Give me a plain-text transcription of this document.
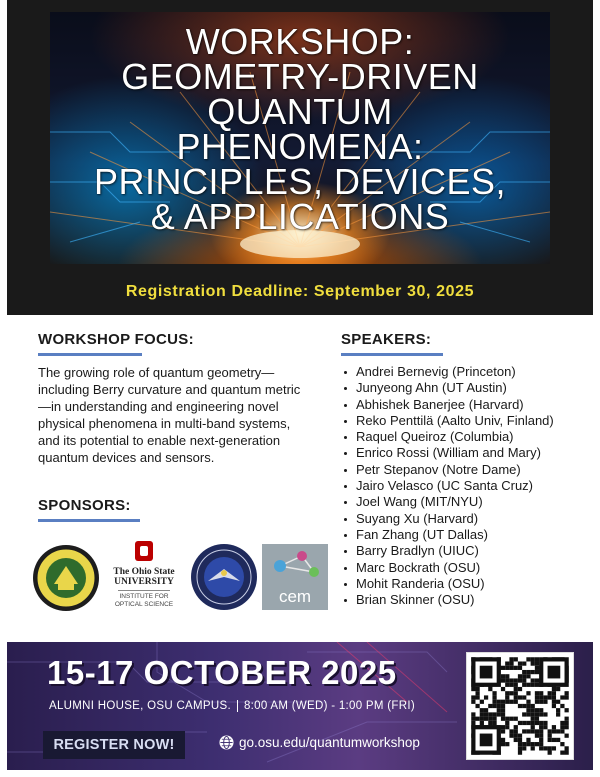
WORKSHOP:
GEOMETRY-DRIVEN
QUANTUM
PHENOMENA:
PRINCIPLES, DEVICES,
& APPLICATIONS
Registration Deadline: September 30, 2025
WORKSHOP FOCUS:
The growing role of quantum geometry—including Berry curvature and quantum metric—in understanding and engineering novel physical phenomena in multi-band systems, and its potential to enable next-generation quantum devices and sensors.
SPEAKERS:
Andrei Bernevig (Princeton)
Junyeong Ahn (UT Austin)
Abhishek Banerjee (Harvard)
Reko Penttilä (Aalto Univ, Finland)
Raquel Queiroz (Columbia)
Enrico Rossi (William and Mary)
Petr Stepanov (Notre Dame)
Jairo Velasco (UC Santa Cruz)
Joel Wang (MIT/NYU)
Suyang Xu (Harvard)
Fan Zhang (UT Dallas)
Barry Bradlyn (UIUC)
Marc Bockrath (OSU)
Mohit Randeria (OSU)
Brian Skinner (OSU)
SPONSORS:
The Ohio State
UNIVERSITY
INSTITUTE FOR
OPTICAL SCIENCE	cem
15-17 OCTOBER 2025
ALUMNI HOUSE, OSU CAMPUS. 8:00 AM (WED) - 1:00 PM (FRI)
REGISTER NOW!	go.osu.edu/quantumworkshop
